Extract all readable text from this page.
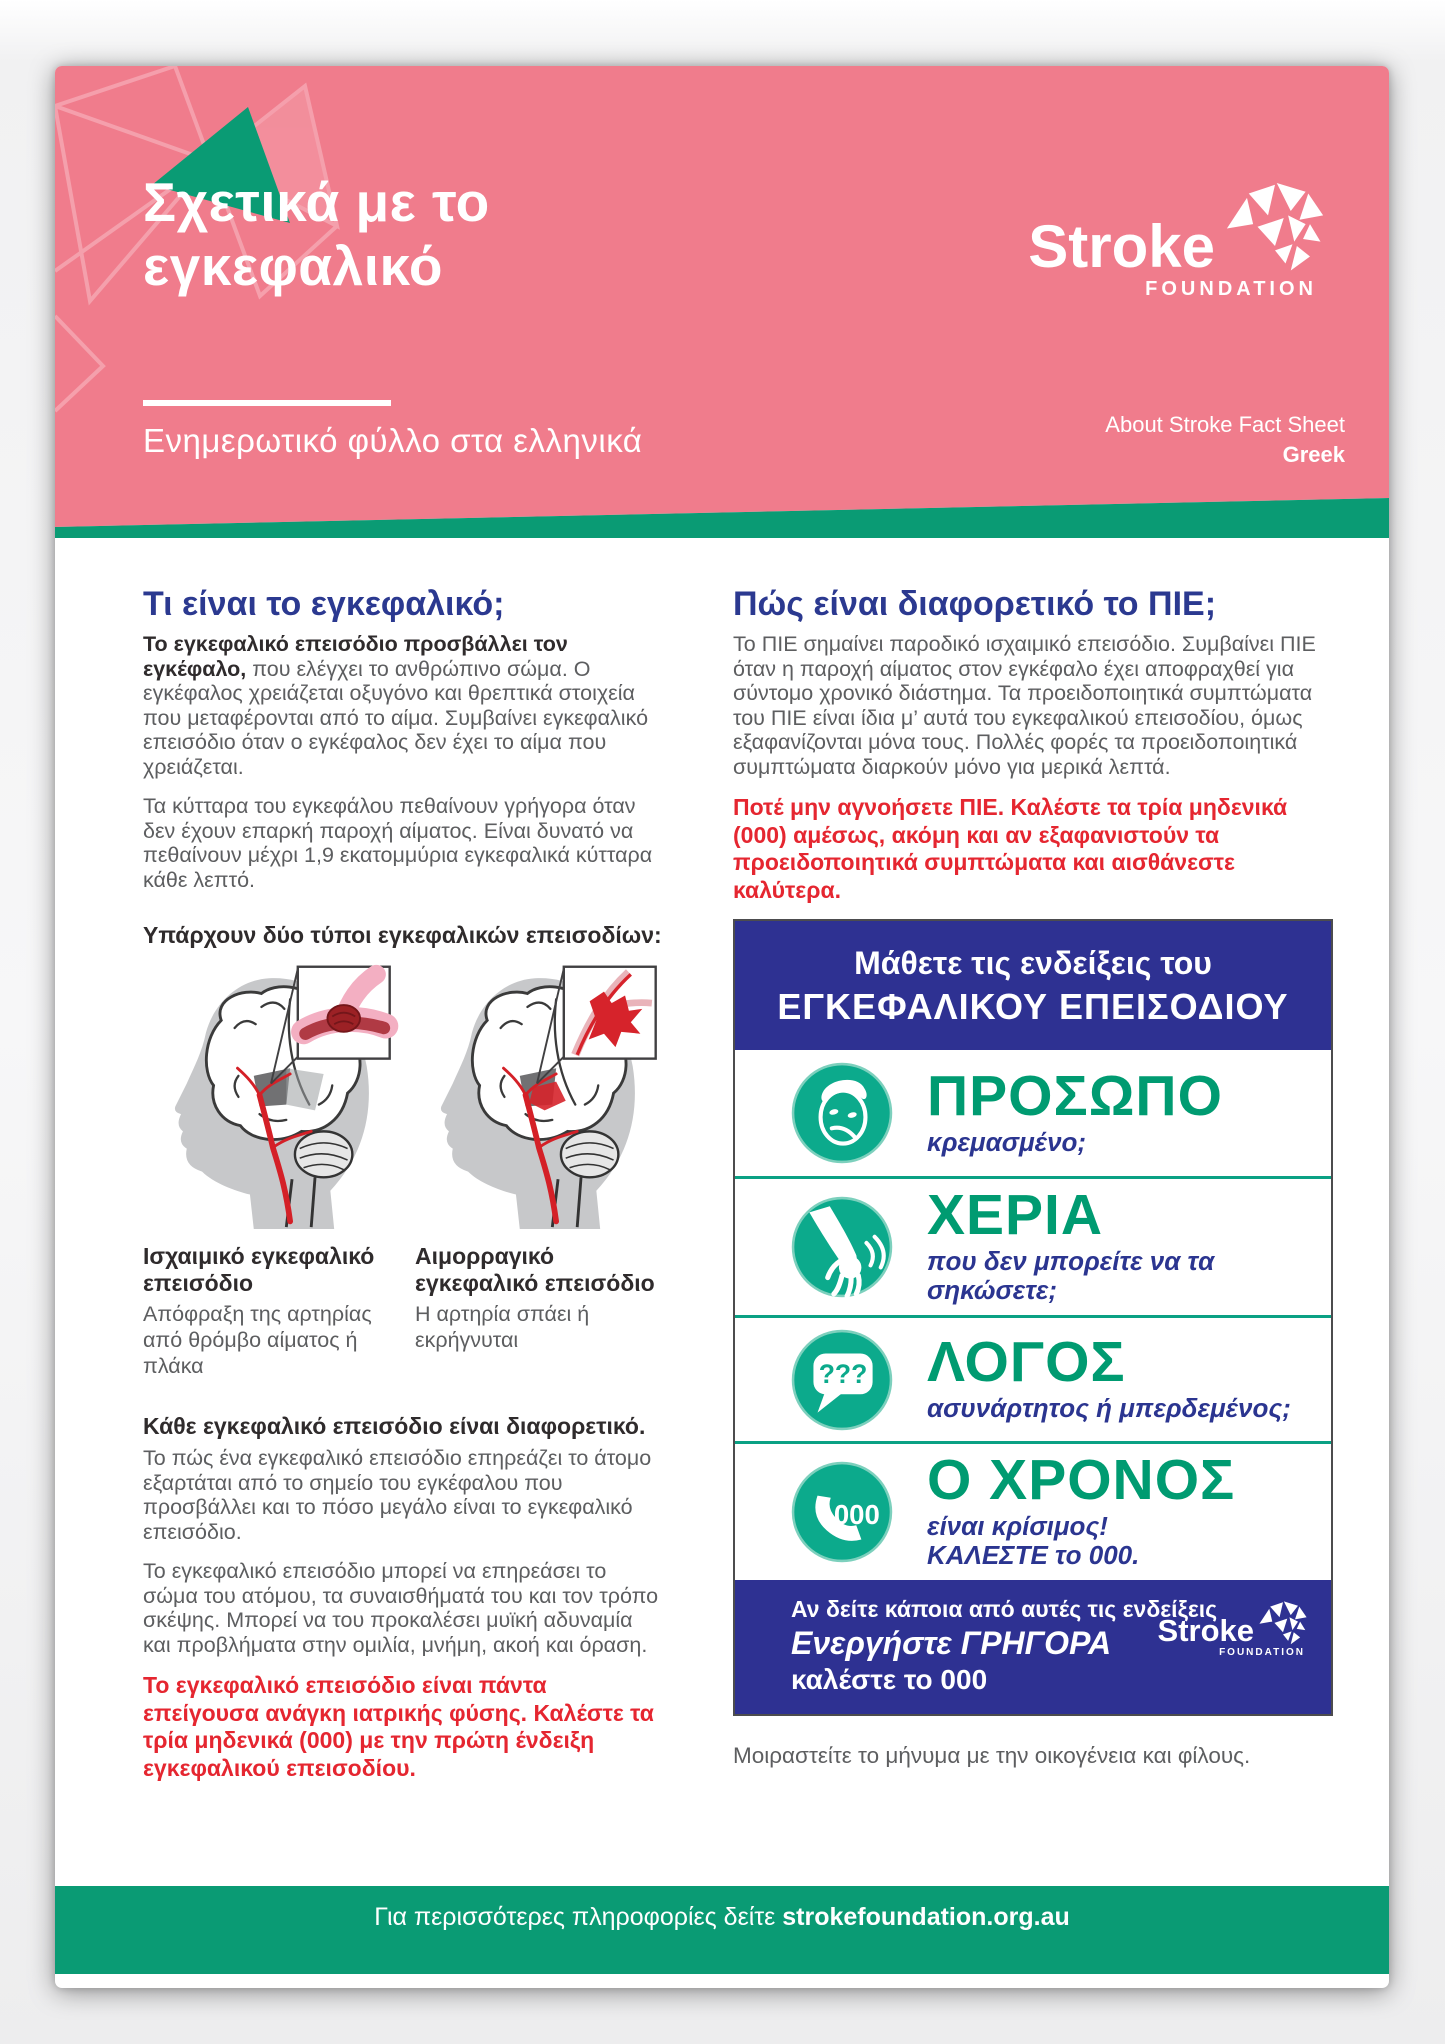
Σχετικά με το
εγκεφαλικό
Ενημερωτικό φύλλο στα ελληνικά
Stroke
FOUNDATION
About Stroke Fact Sheet
Greek
Τι είναι το εγκεφαλικό;

Το εγκεφαλικό επεισόδιο προσβάλλει τον εγκέφαλο, που ελέγχει το ανθρώπινο σώμα. Ο εγκέφαλος χρειάζεται οξυγόνο και θρεπτικά στοιχεία που μεταφέρονται από το αίμα. Συμβαίνει εγκεφαλικό επεισόδιο όταν ο εγκέφαλος δεν έχει το αίμα που χρειάζεται.

Τα κύτταρα του εγκεφάλου πεθαίνουν γρήγορα όταν δεν έχουν επαρκή παροχή αίματος. Είναι δυνατό να πεθαίνουν μέχρι 1,9 εκατομμύρια εγκεφαλικά κύτταρα κάθε λεπτό.

Υπάρχουν δύο τύποι εγκεφαλικών επεισοδίων:
Ισχαιμικό εγκεφαλικό επεισόδιο

Απόφραξη της αρτηρίας από θρόμβο αίματος ή πλάκα

Αιμορραγικό εγκεφαλικό επεισόδιο

Η αρτηρία σπάει ή εκρήγνυται

Κάθε εγκεφαλικό επεισόδιο είναι διαφορετικό.

Το πώς ένα εγκεφαλικό επεισόδιο επηρεάζει το άτομο εξαρτάται από το σημείο του εγκέφαλου που προσβάλλει και το πόσο μεγάλο είναι το εγκεφαλικό επεισόδιο.

Το εγκεφαλικό επεισόδιο μπορεί να επηρεάσει το σώμα του ατόμου, τα συναισθήματά του και τον τρόπο σκέψης. Μπορεί να του προκαλέσει μυϊκή αδυναμία και προβλήματα στην ομιλία, μνήμη, ακοή και όραση.

Το εγκεφαλικό επεισόδιο είναι πάντα επείγουσα ανάγκη ιατρικής φύσης. Καλέστε τα τρία μηδενικά (000) με την πρώτη ένδειξη εγκεφαλικού επεισοδίου.

Πώς είναι διαφορετικό το ΠΙΕ;

Το ΠΙΕ σημαίνει παροδικό ισχαιμικό επεισόδιο. Συμβαίνει ΠΙΕ όταν η παροχή αίματος στον εγκέφαλο έχει αποφραχθεί για σύντομο χρονικό διάστημα. Τα προειδοποιητικά συμπτώματα του ΠΙΕ είναι ίδια μ’ αυτά του εγκεφαλικού επεισοδίου, όμως εξαφανίζονται μόνα τους. Πολλές φορές τα προειδοποιητικά συμπτώματα διαρκούν μόνο για μερικά λεπτά.

Ποτέ μην αγνοήσετε ΠΙΕ. Καλέστε τα τρία μηδενικά (000) αμέσως, ακόμη και αν εξαφανιστούν τα προειδοποιητικά συμπτώματα και αισθάνεστε καλύτερα.

Μάθετε τις ενδείξεις του
ΕΓΚΕΦΑΛΙΚΟΥ ΕΠΕΙΣΟΔΙΟΥ
ΠΡΟΣΩΠΟ
κρεμασμένο;
ΧΕΡΙΑ
που δεν μπορείτε να τα σηκώσετε;
??? ΛΟΓΟΣ
ασυνάρτητος ή μπερδεμένος;
000
Ο ΧΡΟΝΟΣ
είναι κρίσιμος!
ΚΑΛΕΣΤΕ το 000.
Αν δείτε κάποια από αυτές τις ενδείξεις
Ενεργήστε ΓΡΗΓΟΡΑ
καλέστε το 000
Stroke
FOUNDATION

Μοιραστείτε το μήνυμα με την οικογένεια και φίλους.

Για περισσότερες πληροφορίες δείτε strokefoundation.org.au
